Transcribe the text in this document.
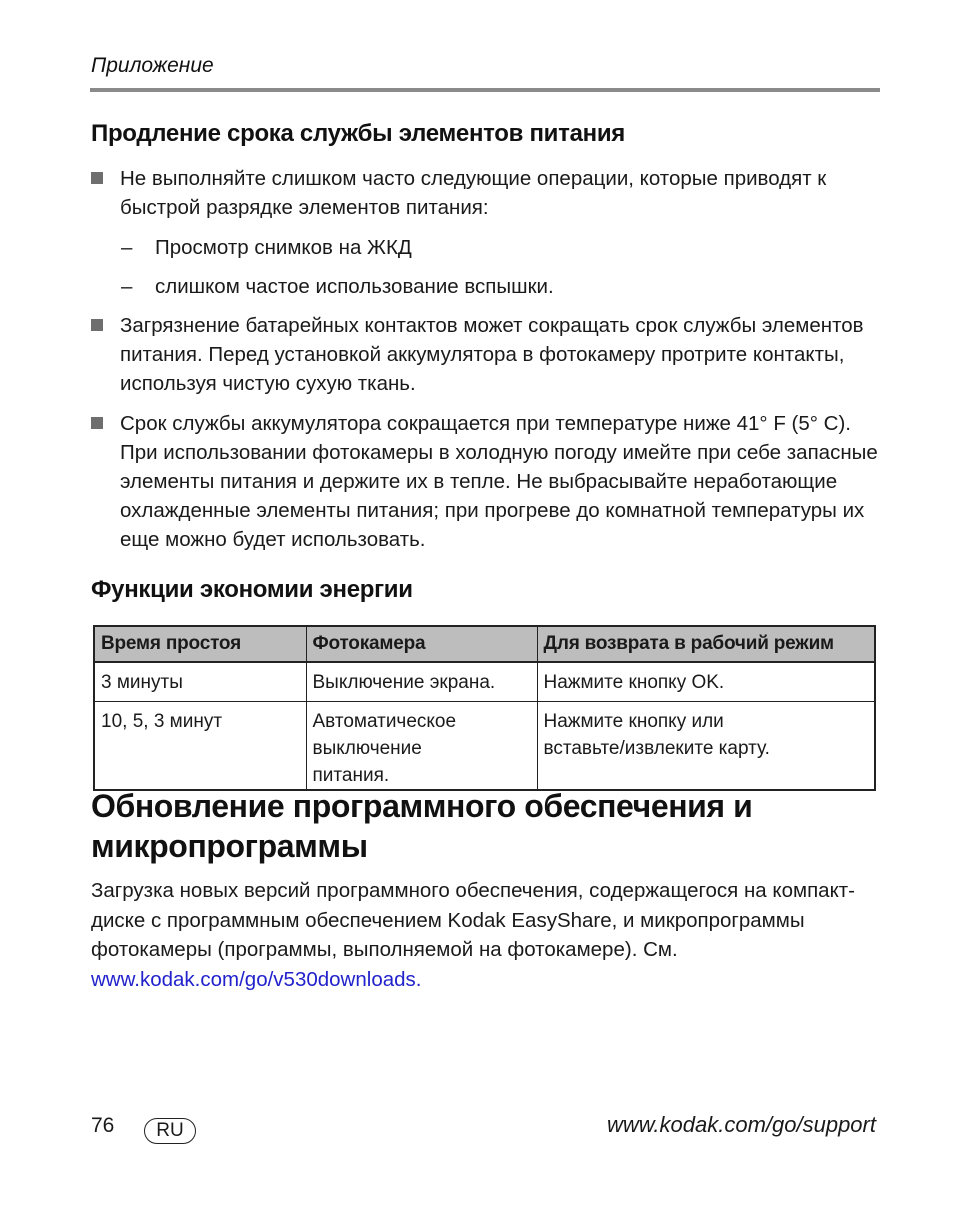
Приложение
Продление срока службы элементов питания
Не выполняйте слишком часто следующие операции, которые приводят к быстрой разрядке элементов питания:
– Просмотр снимков на ЖКД
– слишком частое использование вспышки.
Загрязнение батарейных контактов может сокращать срок службы элементов питания. Перед установкой аккумулятора в фотокамеру протрите контакты, используя чистую сухую ткань.
Срок службы аккумулятора сокращается при температуре ниже 41° F (5° C). При использовании фотокамеры в холодную погоду имейте при себе запасные элементы питания и держите их в тепле. Не выбрасывайте неработающие охлажденные элементы питания; при прогреве до комнатной температуры их еще можно будет использовать.
Функции экономии энергии
Время простоя	Фотокамера	Для возврата в рабочий режим
3 минуты	Выключение экрана.	Нажмите кнопку OK.
10, 5, 3 минут	Автоматическое выключение питания.	Нажмите кнопку или вставьте/извлеките карту.
Обновление программного обеспечения и микропрограммы
Загрузка новых версий программного обеспечения, содержащегося на компакт-диске с программным обеспечением Kodak EasyShare, и микропрограммы фотокамеры (программы, выполняемой на фотокамере). См. www.kodak.com/go/v530downloads.
76	RU	www.kodak.com/go/support
